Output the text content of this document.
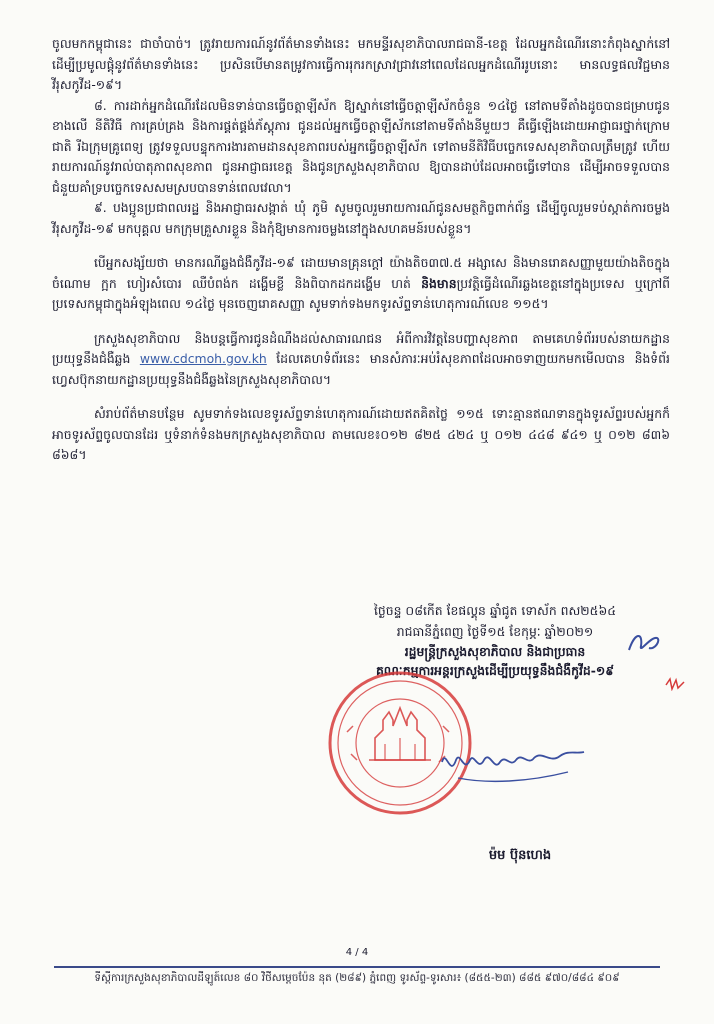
ចូលមកកម្ពុជានេះ ជាចាំបាច់។ ត្រូវរាយការណ៍នូវព័ត៌មានទាំងនេះ មកមន្ទីរសុខាភិបាលរាជធានី-ខេត្ត ដែលអ្នកដំណើរនោះកំពុងស្នាក់នៅ ដើម្បីប្រមូលផ្តុំនូវព័ត៌មានទាំងនេះ ប្រសិនបើមានតម្រូវការធ្វើការរុករកស្រាវជ្រាវនៅពេលដែលអ្នកដំណើររូបនោះ មានលទ្ធផលវិជ្ជមានវីរុសកូវីដ-១៩។

៨. ការដាក់អ្នកដំណើរដែលមិនទាន់បានធ្វើចត្តាឡីស័ក ឱ្យស្នាក់នៅធ្វើចត្តាឡីស័កចំនួន ១៤ថ្ងៃ នៅតាមទីតាំងដូចបានជម្រាបជូនខាងលើ នីតិវិធី ការគ្រប់គ្រង និងការផ្គត់ផ្គង់ភ័ស្តុភារ ជូនដល់អ្នកធ្វើចត្តាឡីស័កនៅតាមទីតាំងនីមួយៗ គឺធ្វើឡើងដោយអាជ្ញាធរថ្នាក់ក្រោមជាតិ រីឯក្រុមគ្រូពេទ្យ ត្រូវទទួលបន្ទុកការងារតាមដានសុខភាពរបស់អ្នកធ្វើចត្តាឡីស័ក ទៅតាមនីតិវិធីបច្ចេកទេសសុខាភិបាលត្រឹមត្រូវ ហើយរាយការណ៍នូវរាល់បាតុភាពសុខភាព ជូនអាជ្ញាធរខេត្ត និងជូនក្រសួងសុខាភិបាល ឱ្យបានដាប់ដែលអាចធ្វើទៅបាន ដើម្បីអាចទទួលបានជំនួយគាំទ្របច្ចេកទេសសមស្របបានទាន់ពេលវេលា។

៩. បងប្អូនប្រជាពលរដ្ឋ និងអាជ្ញាធរសង្កាត់ ឃុំ ភូមិ សូមចូលរួមរាយការណ៍ជូនសមត្ថកិច្ចពាក់ព័ន្ធ ដើម្បីចូលរួមទប់ស្កាត់ការចម្លងវីរុសកូវីដ-១៩ មកបុគ្គល មកក្រុមគ្រួសារខ្លួន និងកុំឱ្យមានការចម្លងនៅក្នុងសហគមន៍របស់ខ្លួន។

បើអ្នកសង្ស័យថា មានករណីឆ្លងជំងឺកូវីដ-១៩ ដោយមានគ្រុនក្ដៅ យ៉ាងតិច៣៧.៥ អង្សាសេ និងមានរោគសញ្ញាមួយយ៉ាងតិចក្នុងចំណោម ក្អក ហៀរសំបោរ ឈឺបំពង់ក ដង្ហើមខ្លី និងពិបាកដកដង្ហើម ហត់ និងមានប្រវត្តិធ្វើដំណើរឆ្លងខេត្តនៅក្នុងប្រទេស ឬក្រៅពីប្រទេសកម្ពុជាក្នុងអំឡុងពេល ១៤ថ្ងៃ មុនចេញរោគសញ្ញា សូមទាក់ទងមកទូរស័ព្ទទាន់ហេតុការណ៍លេខ ១១៥។

ក្រសួងសុខាភិបាល និងបន្តធ្វើការជូនដំណឹងដល់សាធារណជន អំពីការវិវត្តនៃបញ្ហាសុខភាព តាមគេហទំព័ររបស់នាយកដ្ឋានប្រយុទ្ធនឹងជំងឺឆ្លង www.cdcmoh.gov.kh ដែលគេហទំព័រនេះ មានសំភារៈអប់រំសុខភាពដែលអាចទាញយកមកមើលបាន និងទំព័រហ្វេសប៊ុកនាយកដ្ឋានប្រយុទ្ធនឹងជំងឺឆ្លងនៃក្រសួងសុខាភិបាល។

សំរាប់ព័ត៌មានបន្ថែម សូមទាក់ទងលេខទូរស័ព្ទទាន់ហេតុការណ៍ដោយឥតគិតថ្លៃ ១១៥ ទោះគ្មានឥណទានក្នុងទូរស័ព្ទរបស់អ្នកក៏អាចទូរស័ព្ទចូលបានដែរ ឬទំនាក់ទំនងមកក្រសួងសុខាភិបាល តាមលេខ៖០១២ ៨២៥ ៤២៤ ឬ ០១២ ៤៤៨ ៩៤១ ឬ ០១២ ៨៣៦ ៨៦៨។

ថ្ងៃចន្ទ ០៨កើត ខែផល្គុន ឆ្នាំជូត ទោស័ក ពស២៥៦៤
រាជធានីភ្នំពេញ ថ្ងៃទី១៥ ខែកុម្ភៈ ឆ្នាំ២០២១
រដ្ឋមន្ត្រីក្រសួងសុខាភិបាល និងជាប្រធាន
គណៈកម្មការអន្តរក្រសួងដើម្បីប្រយុទ្ធនឹងជំងឺកូវីដ-១៩
ម៉ម ប៊ុនហេង
4 / 4
ទីស្តីការក្រសួងសុខាភិបាលដីឡូត៍លេខ ៨០ វិថីសម្តេចប៉ែន នុត (២៨៩) ភ្នំពេញ ទូរស័ព្ទ-ទូរសារ៖ (៨៥៥-២៣) ៨៨៥ ៩៧០/៨៨៤ ៩០៩
